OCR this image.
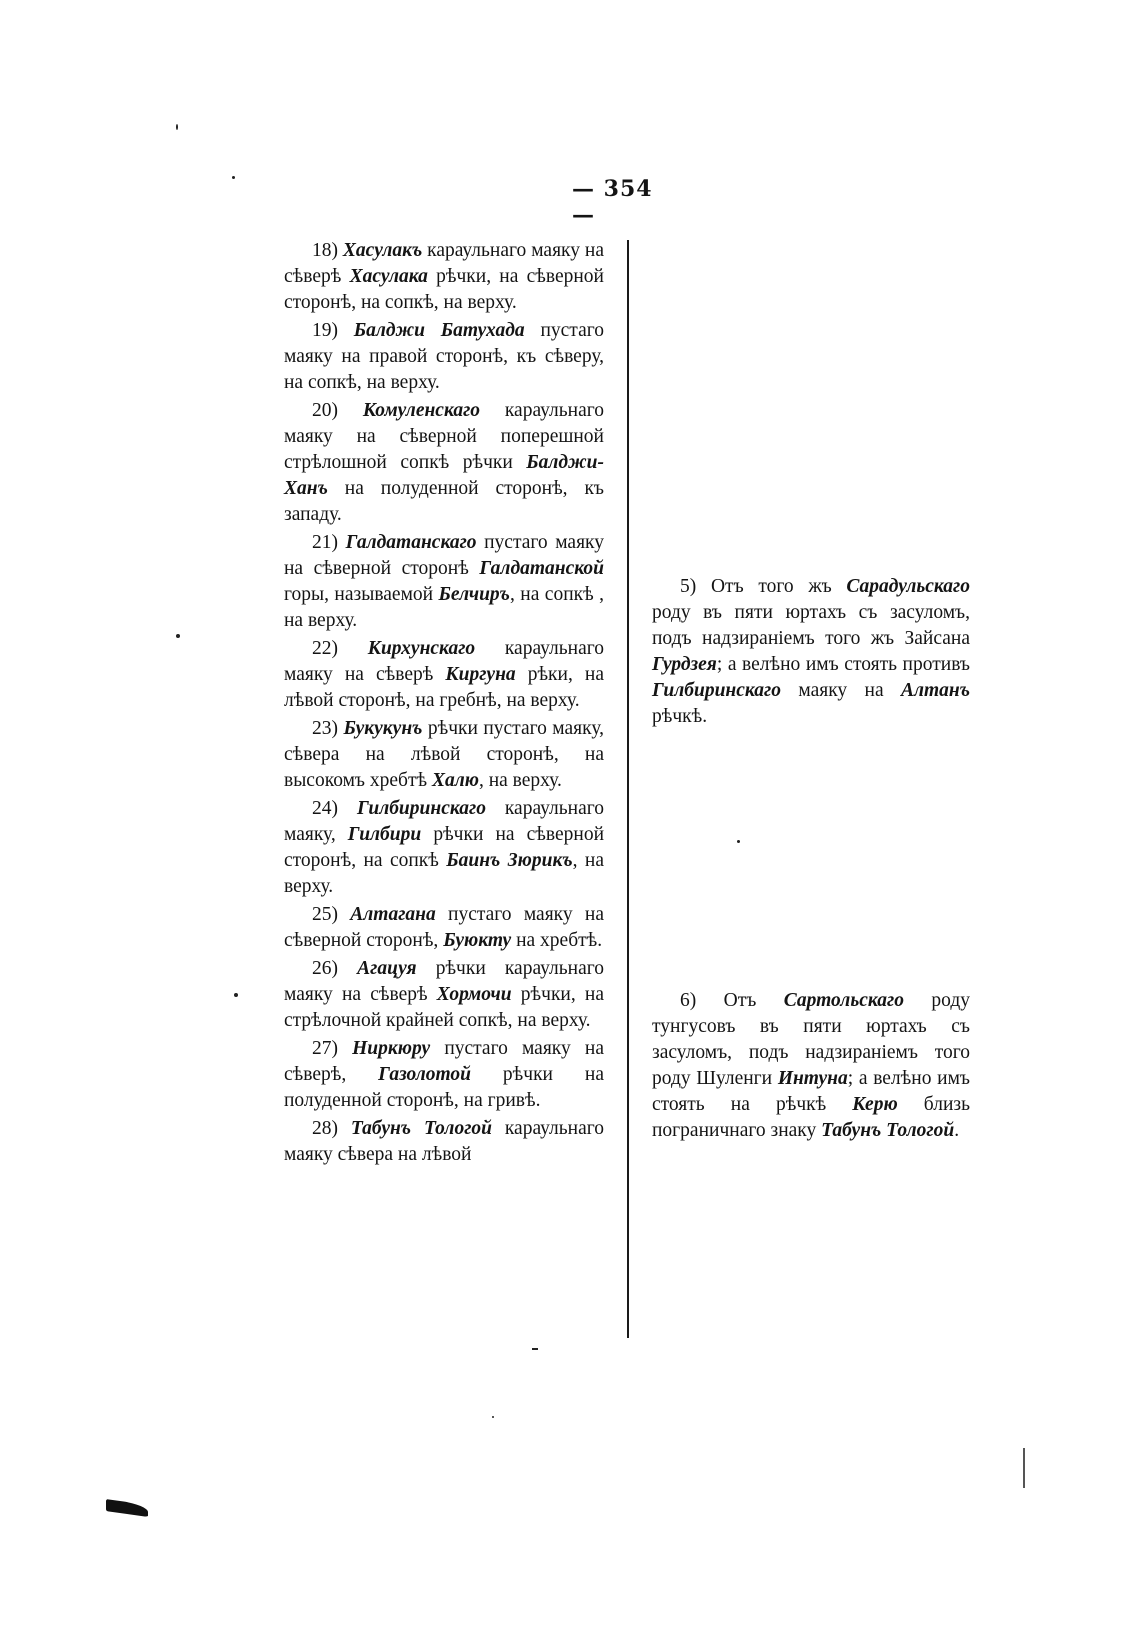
— 354 —

18) Хасулакъ караульнаго маяку на сѣверѣ Хасулака рѣчки, на сѣверной сторонѣ, на сопкѣ, на верху.

19) Балджи Батухада пустаго маяку на правой сторонѣ, къ сѣверу, на сопкѣ, на верху.

20) Комуленскаго караульнаго маяку на сѣверной поперешной стрѣлошной сопкѣ рѣчки Балджи-Ханъ на полуденной сторонѣ, къ западу.

21) Галдатанскаго пустаго маяку на сѣверной сторонѣ Галдатанской горы, называемой Белчиръ, на сопкѣ , на верху.

22) Кирхунскаго караульнаго маяку на сѣверѣ Киргуна рѣки, на лѣвой сторонѣ, на гребнѣ, на верху.

23) Букукунъ рѣчки пустаго маяку, сѣвера на лѣвой сторонѣ, на высокомъ хребтѣ Халю, на верху.

24) Гилбиринскаго караульнаго маяку, Гилбири рѣчки на сѣверной сторонѣ, на сопкѣ Баинъ Зюрикъ, на верху.

25) Алтагана пустаго маяку на сѣверной сторонѣ, Буюкту на хребтѣ.

26) Агацуя рѣчки караульнаго маяку на сѣверѣ Хормочи рѣчки, на стрѣлочной крайней сопкѣ, на верху.

27) Ниркюру пустаго маяку на сѣверѣ, Газолотой рѣчки на полуденной сторонѣ, на гривѣ.

28) Табунъ Тологой караульнаго маяку сѣвера на лѣвой

5) Отъ того жъ Сарадульскаго роду въ пяти юртахъ съ засуломъ, подъ надзираніемъ того жъ Зайсана Гурдзея; а велѣно имъ стоять противъ Гилбиринскаго маяку на Алтанъ рѣчкѣ.

6) Отъ Сартольскаго роду тунгусовъ въ пяти юртахъ съ засуломъ, подъ надзираніемъ того роду Шуленги Интуна; а велѣно имъ стоять на рѣчкѣ Керю близь пограничнаго знаку Табунъ Тологой.
